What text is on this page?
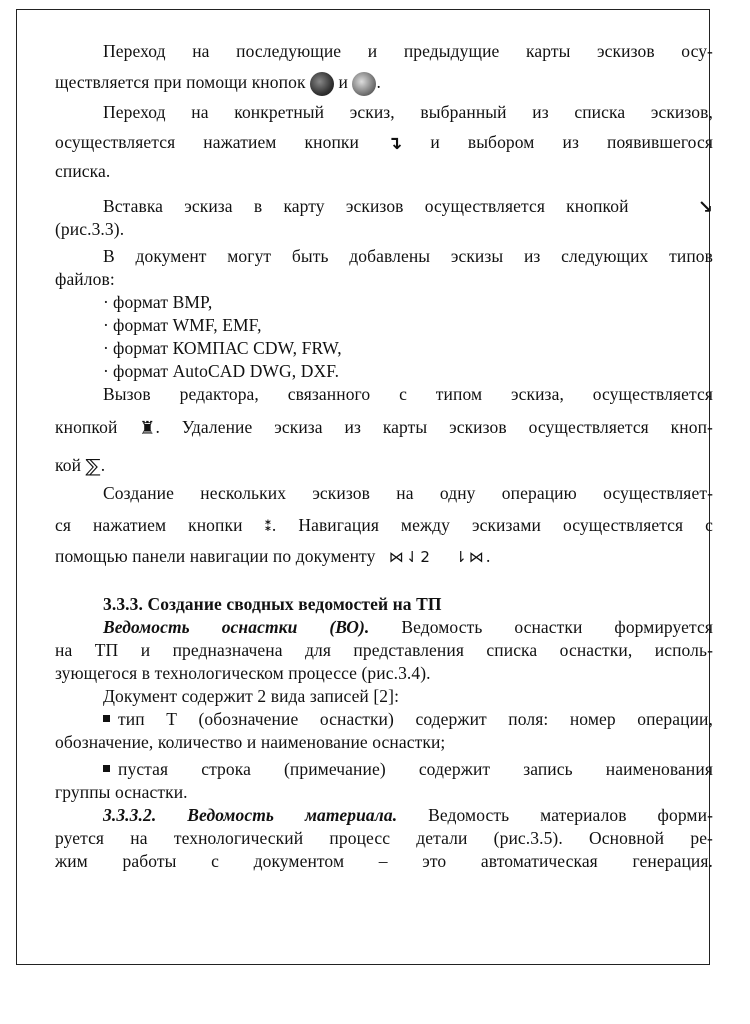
Переход на последующие и предыдущие карты эскизов осу-

ществляется при помощи кнопок и .

Переход на конкретный эскиз, выбранный из списка эскизов,

осуществляется нажатием кнопки ↴ и выбором из появившегося

списка.

Вставка эскиза в карту эскизов осуществляется кнопкой	↘

(рис.3.3).

В документ могут быть добавлены эскизы из следующих типов

файлов:

· формат BMP,

· формат WMF, EMF,

· формат КОМПАС CDW, FRW,

· формат AutoCAD DWG, DXF.

Вызов редактора, связанного с типом эскиза, осуществляется

кнопкой ♜. Удаление эскиза из карты эскизов осуществляется кноп-

кой ⅀.

Создание нескольких эскизов на одну операцию осуществляет-

ся нажатием кнопки ⁑. Навигация между эскизами осуществляется с

помощью панели навигации по документу ⋈⇃2 ⇂⋈.

3.3.3. Создание сводных ведомостей на ТП

Ведомость оснастки (ВО). Ведомость оснастки формируется

на ТП и предназначена для представления списка оснастки, исполь-

зующегося в технологическом процессе (рис.3.4).

Документ содержит 2 вида записей [2]:

тип Т (обозначение оснастки) содержит поля: номер операции,

обозначение, количество и наименование оснастки;

пустая строка (примечание) содержит запись наименования

группы оснастки.

3.3.3.2. Ведомость материала. Ведомость материалов форми-

руется на технологический процесс детали (рис.3.5). Основной ре-

жим работы с документом – это автоматическая генерация.
